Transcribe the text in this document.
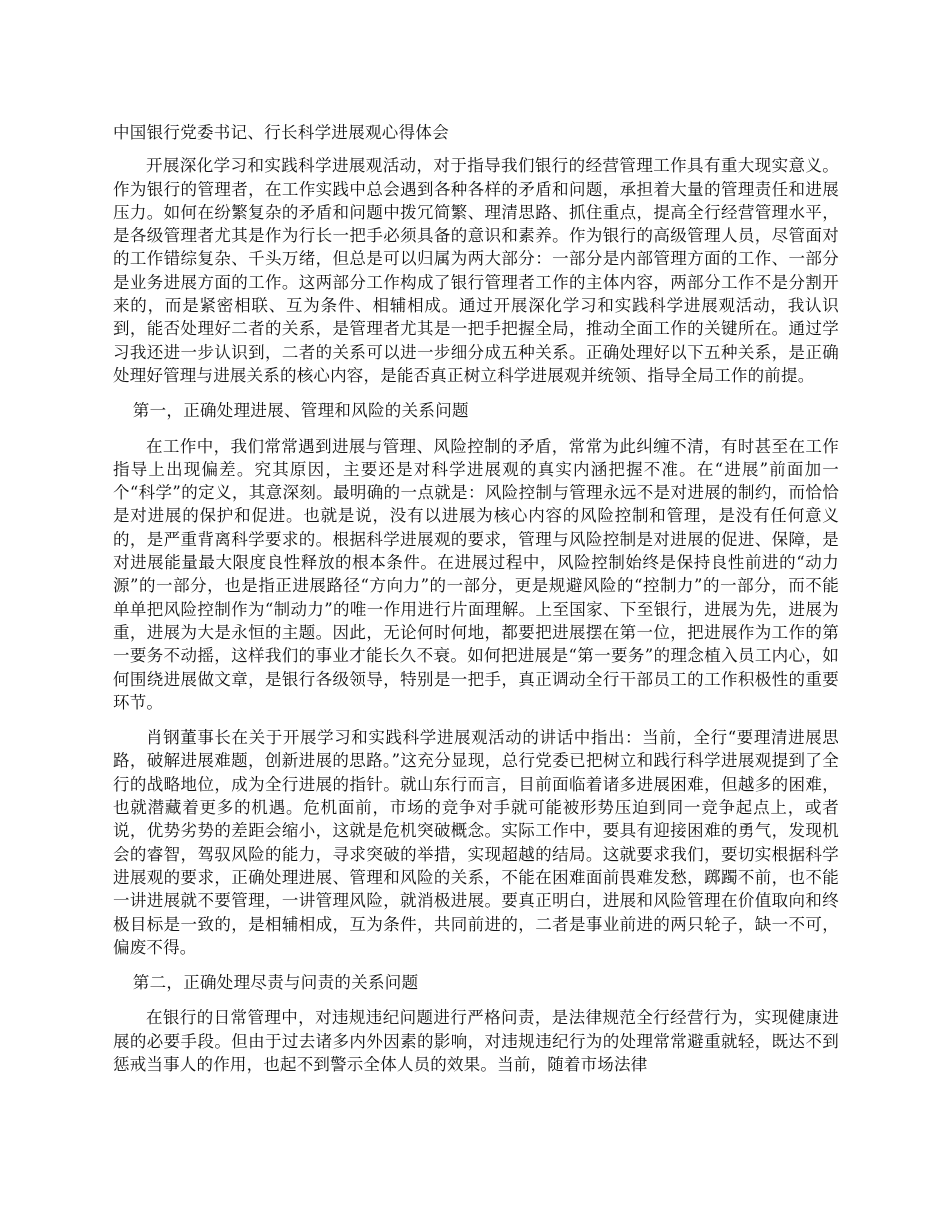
中国银行党委书记、行长科学进展观心得体会

开展深化学习和实践科学进展观活动，对于指导我们银行的经营管理工作具有重大现实意义。作为银行的管理者，在工作实践中总会遇到各种各样的矛盾和问题，承担着大量的管理责任和进展压力。如何在纷繁复杂的矛盾和问题中拨冗简繁、理清思路、抓住重点，提高全行经营管理水平，是各级管理者尤其是作为行长一把手必须具备的意识和素养。作为银行的高级管理人员，尽管面对的工作错综复杂、千头万绪，但总是可以归属为两大部分：一部分是内部管理方面的工作、一部分是业务进展方面的工作。这两部分工作构成了银行管理者工作的主体内容，两部分工作不是分割开来的，而是紧密相联、互为条件、相辅相成。通过开展深化学习和实践科学进展观活动，我认识到，能否处理好二者的关系，是管理者尤其是一把手把握全局，推动全面工作的关键所在。通过学习我还进一步认识到，二者的关系可以进一步细分成五种关系。正确处理好以下五种关系，是正确处理好管理与进展关系的核心内容，是能否真正树立科学进展观并统领、指导全局工作的前提。

第一，正确处理进展、管理和风险的关系问题

在工作中，我们常常遇到进展与管理、风险控制的矛盾，常常为此纠缠不清，有时甚至在工作指导上出现偏差。究其原因，主要还是对科学进展观的真实内涵把握不准。在“进展”前面加一个“科学”的定义，其意深刻。最明确的一点就是：风险控制与管理永远不是对进展的制约，而恰恰是对进展的保护和促进。也就是说，没有以进展为核心内容的风险控制和管理，是没有任何意义的，是严重背离科学要求的。根据科学进展观的要求，管理与风险控制是对进展的促进、保障，是对进展能量最大限度良性释放的根本条件。在进展过程中，风险控制始终是保持良性前进的“动力源”的一部分，也是指正进展路径“方向力”的一部分，更是规避风险的“控制力”的一部分，而不能单单把风险控制作为“制动力”的唯一作用进行片面理解。上至国家、下至银行，进展为先，进展为重，进展为大是永恒的主题。因此，无论何时何地，都要把进展摆在第一位，把进展作为工作的第一要务不动摇，这样我们的事业才能长久不衰。如何把进展是“第一要务”的理念植入员工内心，如何围绕进展做文章，是银行各级领导，特别是一把手，真正调动全行干部员工的工作积极性的重要环节。

肖钢董事长在关于开展学习和实践科学进展观活动的讲话中指出：当前，全行“要理清进展思路，破解进展难题，创新进展的思路。”这充分显现，总行党委已把树立和践行科学进展观提到了全行的战略地位，成为全行进展的指针。就山东行而言，目前面临着诸多进展困难，但越多的困难，也就潜藏着更多的机遇。危机面前，市场的竞争对手就可能被形势压迫到同一竞争起点上，或者说，优势劣势的差距会缩小，这就是危机突破概念。实际工作中，要具有迎接困难的勇气，发现机会的睿智，驾驭风险的能力，寻求突破的举措，实现超越的结局。这就要求我们，要切实根据科学进展观的要求，正确处理进展、管理和风险的关系，不能在困难面前畏难发愁，踯躅不前，也不能一讲进展就不要管理，一讲管理风险，就消极进展。要真正明白，进展和风险管理在价值取向和终极目标是一致的，是相辅相成，互为条件，共同前进的，二者是事业前进的两只轮子，缺一不可，偏废不得。

第二，正确处理尽责与问责的关系问题

在银行的日常管理中，对违规违纪问题进行严格问责，是法律规范全行经营行为，实现健康进展的必要手段。但由于过去诸多内外因素的影响，对违规违纪行为的处理常常避重就轻，既达不到惩戒当事人的作用，也起不到警示全体人员的效果。当前，随着市场法律
